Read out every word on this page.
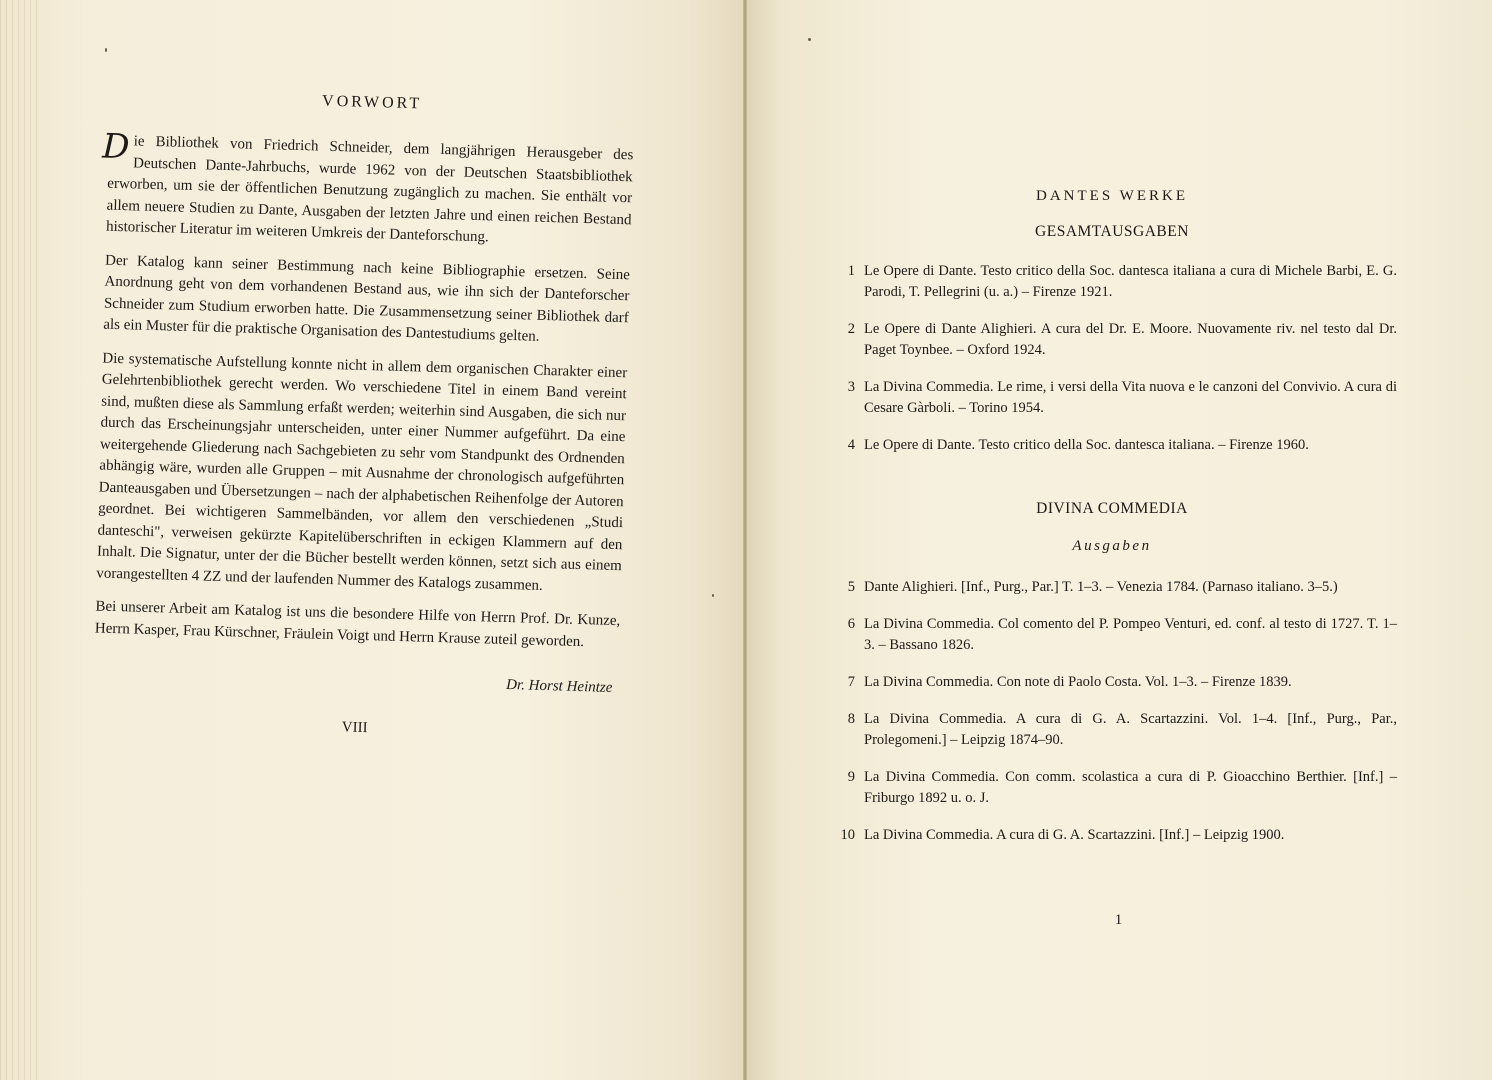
VORWORT

Die Bibliothek von Friedrich Schneider, dem langjährigen Herausgeber des Deutschen Dante-Jahrbuchs, wurde 1962 von der Deutschen Staatsbibliothek erworben, um sie der öffentlichen Benutzung zugänglich zu machen. Sie enthält vor allem neuere Studien zu Dante, Ausgaben der letzten Jahre und einen reichen Bestand historischer Literatur im weiteren Umkreis der Danteforschung.

Der Katalog kann seiner Bestimmung nach keine Bibliographie ersetzen. Seine Anordnung geht von dem vorhandenen Bestand aus, wie ihn sich der Danteforscher Schneider zum Studium erworben hatte. Die Zusammensetzung seiner Bibliothek darf als ein Muster für die praktische Organisation des Dantestudiums gelten.

Die systematische Aufstellung konnte nicht in allem dem organischen Charakter einer Gelehrtenbibliothek gerecht werden. Wo verschiedene Titel in einem Band vereint sind, mußten diese als Sammlung erfaßt werden; weiterhin sind Ausgaben, die sich nur durch das Erscheinungsjahr unterscheiden, unter einer Nummer aufgeführt. Da eine weitergehende Gliederung nach Sachgebieten zu sehr vom Standpunkt des Ordnenden abhängig wäre, wurden alle Gruppen – mit Ausnahme der chronologisch aufgeführten Danteausgaben und Übersetzungen – nach der alphabetischen Reihenfolge der Autoren geordnet. Bei wichtigeren Sammelbänden, vor allem den verschiedenen „Studi danteschi", verweisen gekürzte Kapitelüberschriften in eckigen Klammern auf den Inhalt. Die Signatur, unter der die Bücher bestellt werden können, setzt sich aus einem vorangestellten 4 ZZ und der laufenden Nummer des Katalogs zusammen.

Bei unserer Arbeit am Katalog ist uns die besondere Hilfe von Herrn Prof. Dr. Kunze, Herrn Kasper, Frau Kürschner, Fräulein Voigt und Herrn Krause zuteil geworden.

Dr. Horst Heintze
VIII
DANTES WERKE
GESAMTAUSGABEN
1 Le Opere di Dante. Testo critico della Soc. dantesca italiana a cura di Michele Barbi, E. G. Parodi, T. Pellegrini (u. a.) – Firenze 1921.
2 Le Opere di Dante Alighieri. A cura del Dr. E. Moore. Nuovamente riv. nel testo dal Dr. Paget Toynbee. – Oxford 1924.
3 La Divina Commedia. Le rime, i versi della Vita nuova e le canzoni del Convivio. A cura di Cesare Gàrboli. – Torino 1954.
4 Le Opere di Dante. Testo critico della Soc. dantesca italiana. – Firenze 1960.
DIVINA COMMEDIA
Ausgaben
5 Dante Alighieri. [Inf., Purg., Par.] T. 1–3. – Venezia 1784. (Parnaso italiano. 3–5.)
6 La Divina Commedia. Col comento del P. Pompeo Venturi, ed. conf. al testo di 1727. T. 1–3. – Bassano 1826.
7 La Divina Commedia. Con note di Paolo Costa. Vol. 1–3. – Firenze 1839.
8 La Divina Commedia. A cura di G. A. Scartazzini. Vol. 1–4. [Inf., Purg., Par., Prolegomeni.] – Leipzig 1874–90.
9 La Divina Commedia. Con comm. scolastica a cura di P. Gioacchino Berthier. [Inf.] – Friburgo 1892 u. o. J.
10 La Divina Commedia. A cura di G. A. Scartazzini. [Inf.] – Leipzig 1900.
1
